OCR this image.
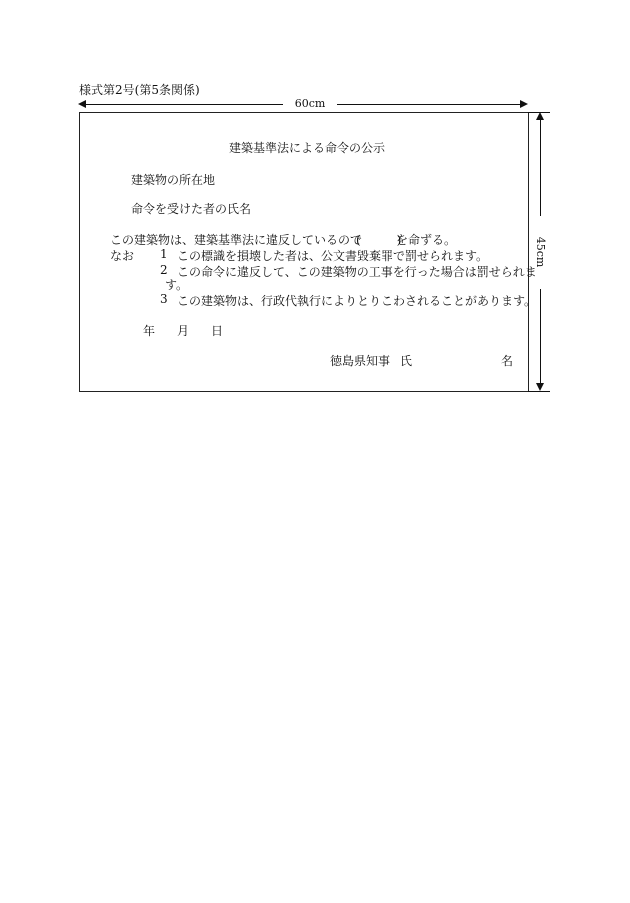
様式第2号(第5条関係)
60cm
45cm
建築基準法による命令の公示
建築物の所在地
命令を受けた者の氏名
この建築物は、建築基準法に違反しているので
(　　　)
を命ずる。
なお 1 この標識を損壊した者は、公文書毀棄罪で罰せられます。
2 この命令に違反して、この建築物の工事を行った場合は罰せられま
す。
3 この建築物は、行政代執行によりとりこわされることがあります。
年 月 日
徳島県知事 氏	名
